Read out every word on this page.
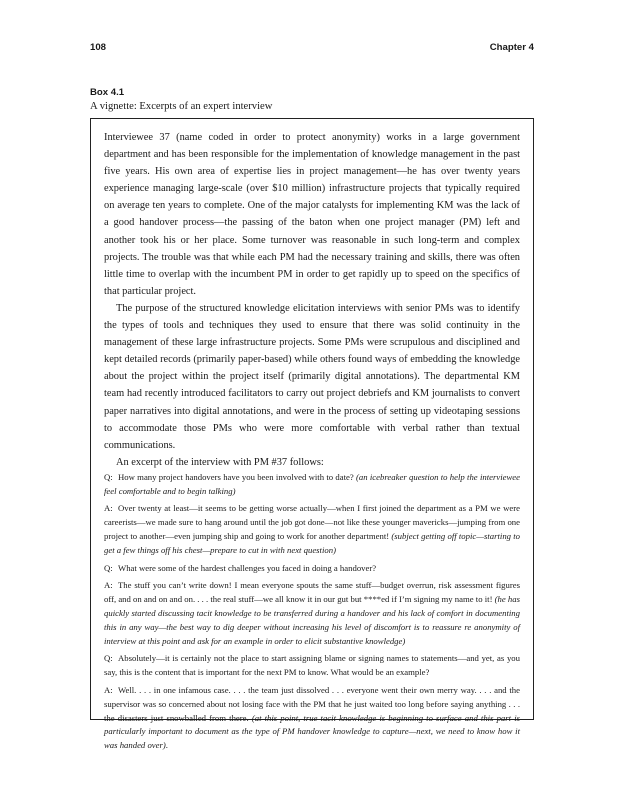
108	Chapter 4
Box 4.1
A vignette: Excerpts of an expert interview

Interviewee 37 (name coded in order to protect anonymity) works in a large government department and has been responsible for the implementation of knowledge management in the past five years. His own area of expertise lies in project management—he has over twenty years experience managing large-scale (over $10 million) infrastructure projects that typically required on average ten years to complete. One of the major catalysts for implementing KM was the lack of a good handover process—the passing of the baton when one project manager (PM) left and another took his or her place. Some turnover was reasonable in such long-term and complex projects. The trouble was that while each PM had the necessary training and skills, there was often little time to overlap with the incumbent PM in order to get rapidly up to speed on the specifics of that particular project.

The purpose of the structured knowledge elicitation interviews with senior PMs was to identify the types of tools and techniques they used to ensure that there was solid continuity in the management of these large infrastructure projects. Some PMs were scrupulous and disciplined and kept detailed records (primarily paper-based) while others found ways of embedding the knowledge about the project within the project itself (primarily digital annotations). The departmental KM team had recently introduced facilitators to carry out project debriefs and KM journalists to convert paper narratives into digital annotations, and were in the process of setting up videotaping sessions to accommodate those PMs who were more comfortable with verbal rather than textual communications.

An excerpt of the interview with PM #37 follows:

Q: How many project handovers have you been involved with to date? (an icebreaker question to help the interviewee feel comfortable and to begin talking)

A: Over twenty at least—it seems to be getting worse actually—when I first joined the department as a PM we were careerists—we made sure to hang around until the job got done—not like these younger mavericks—jumping from one project to another—even jumping ship and going to work for another department! (subject getting off topic—starting to get a few things off his chest—prepare to cut in with next question)

Q: What were some of the hardest challenges you faced in doing a handover?

A: The stuff you can’t write down! I mean everyone spouts the same stuff—budget overrun, risk assessment figures off, and on and on and on. . . . the real stuff—we all know it in our gut but ****ed if I’m signing my name to it! (he has quickly started discussing tacit knowledge to be transferred during a handover and his lack of comfort in documenting this in any way—the best way to dig deeper without increasing his level of discomfort is to reassure re anonymity of interview at this point and ask for an example in order to elicit substantive knowledge)

Q: Absolutely—it is certainly not the place to start assigning blame or signing names to statements—and yet, as you say, this is the content that is important for the next PM to know. What would be an example?

A: Well. . . . in one infamous case. . . . the team just dissolved . . . everyone went their own merry way. . . . and the supervisor was so concerned about not losing face with the PM that he just waited too long before saying anything . . . the disasters just snowballed from there. (at this point, true tacit knowledge is beginning to surface and this part is particularly important to document as the type of PM handover knowledge to capture—next, we need to know how it was handed over).
